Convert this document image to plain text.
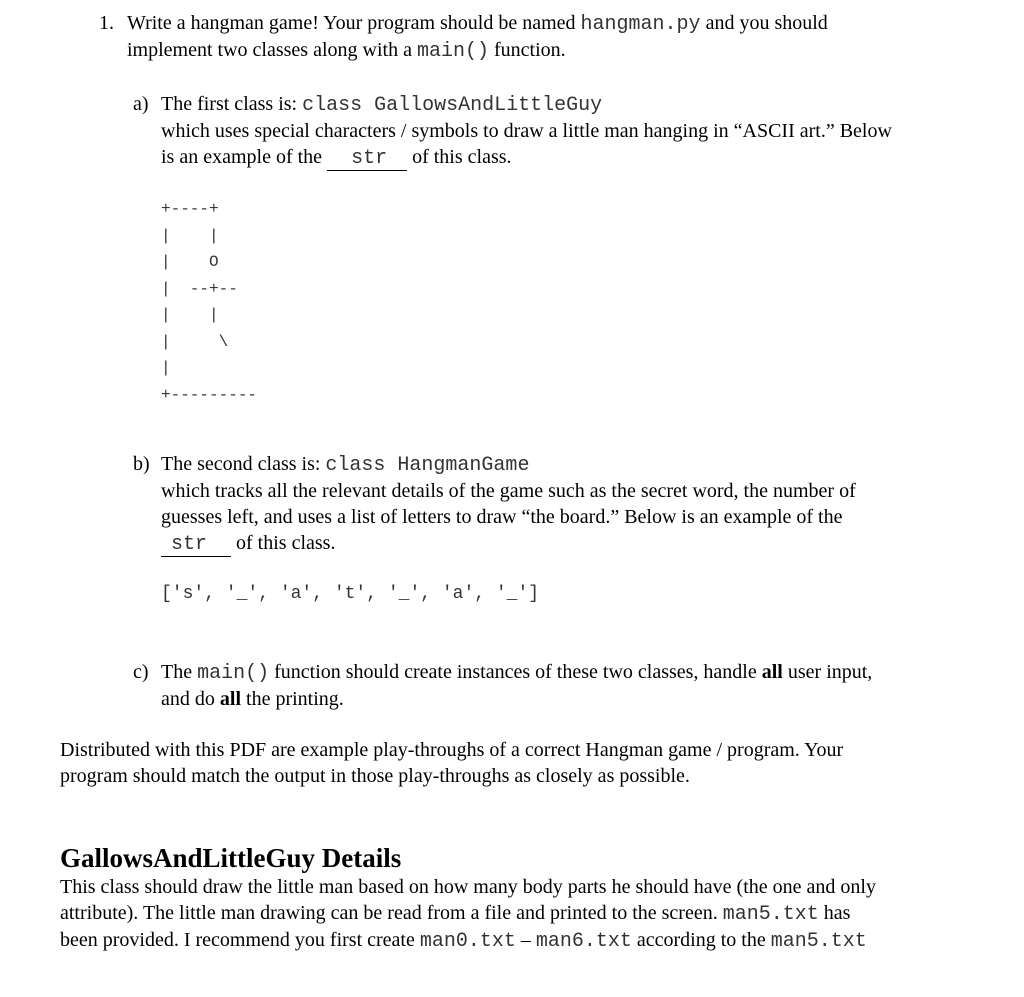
1. Write a hangman game! Your program should be named hangman.py and you should
implement two classes along with a main() function.
a) The first class is: class GallowsAndLittleGuy
which uses special characters / symbols to draw a little man hanging in “ASCII art.” Below
is an example of the str of this class.
+----+
|    |
|    O
|  --+--
|    |
|     \
|
+---------
b) The second class is: class HangmanGame
which tracks all the relevant details of the game such as the secret word, the number of
guesses left, and uses a list of letters to draw “the board.” Below is an example of the
str of this class.
['s', '_', 'a', 't', '_', 'a', '_']
c) The main() function should create instances of these two classes, handle all user input,
and do all the printing.
Distributed with this PDF are example play-throughs of a correct Hangman game / program. Your
program should match the output in those play-throughs as closely as possible.
GallowsAndLittleGuy Details
This class should draw the little man based on how many body parts he should have (the one and only
attribute). The little man drawing can be read from a file and printed to the screen. man5.txt has
been provided. I recommend you first create man0.txt – man6.txt according to the man5.txt
